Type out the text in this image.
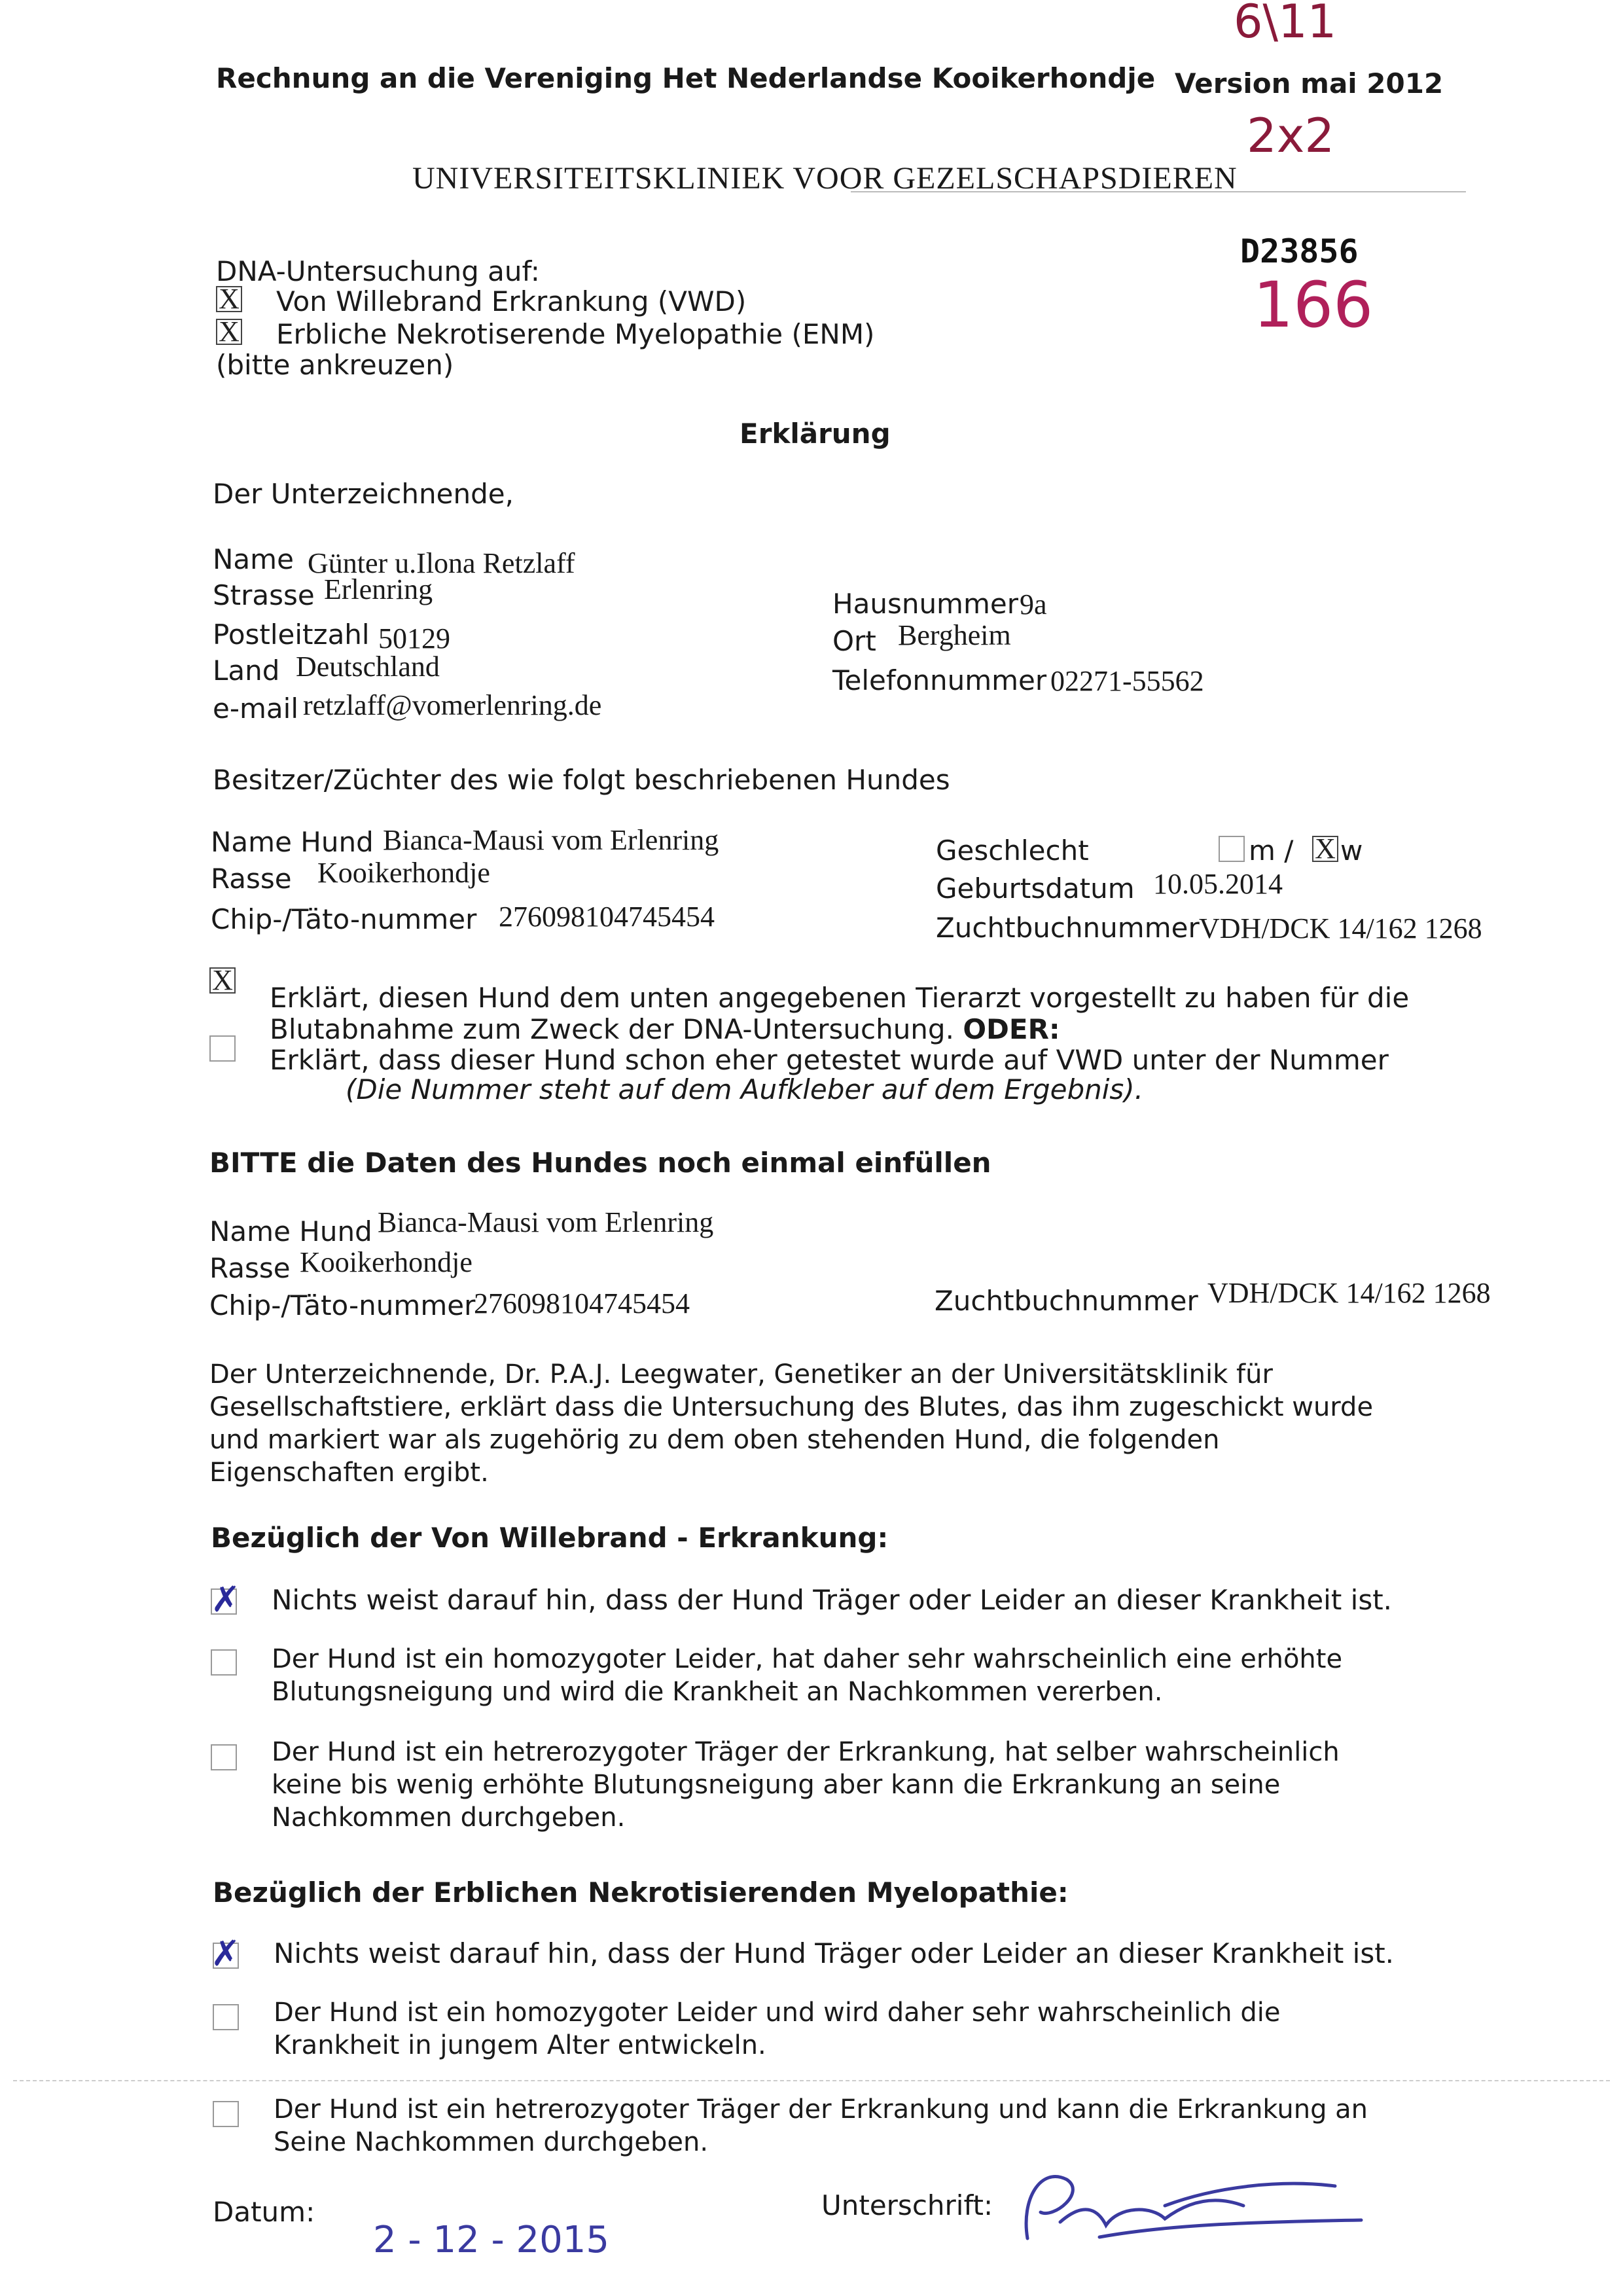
Rechnung an die Vereniging Het Nederlandse Kooikerhondje Version mai 2012
6\11
2x2
UNIVERSITEITSKLINIEK VOOR GEZELSCHAPSDIEREN
D23856
166
DNA-Untersuchung auf:
X Von Willebrand Erkrankung (VWD)
X Erbliche Nekrotiserende Myelopathie (ENM)
(bitte ankreuzen)
Erklärung
Der Unterzeichnende,
Name Günter u.Ilona Retzlaff
Strasse Erlenring
Postleitzahl 50129
Land Deutschland
e-mail retzlaff@vomerlenring.de
Hausnummer 9a
Ort Bergheim
Telefonnummer 02271-55562
Besitzer/Züchter des wie folgt beschriebenen Hundes
Name Hund Bianca-Mausi vom Erlenring
Rasse Kooikerhondje
Chip-/Täto-nummer 276098104745454
Geschlecht	m / X w
Geburtsdatum 10.05.2014
Zuchtbuchnummer VDH/DCK 14/162 1268
X
Erklärt, diesen Hund dem unten angegebenen Tierarzt vorgestellt zu haben für die
Blutabnahme zum Zweck der DNA-Untersuchung. ODER:
Erklärt, dass dieser Hund schon eher getestet wurde auf VWD unter der Nummer
(Die Nummer steht auf dem Aufkleber auf dem Ergebnis).
BITTE die Daten des Hundes noch einmal einfüllen
Name Hund Bianca-Mausi vom Erlenring
Rasse Kooikerhondje
Chip-/Täto-nummer
276098104745454	Zuchtbuchnummer VDH/DCK 14/162 1268
Der Unterzeichnende, Dr. P.A.J. Leegwater, Genetiker an der Universitätsklinik für
Gesellschaftstiere, erklärt dass die Untersuchung des Blutes, das ihm zugeschickt wurde
und markiert war als zugehörig zu dem oben stehenden Hund, die folgenden
Eigenschaften ergibt.
Bezüglich der Von Willebrand - Erkrankung:
✗ Nichts weist darauf hin, dass der Hund Träger oder Leider an dieser Krankheit ist.
Der Hund ist ein homozygoter Leider, hat daher sehr wahrscheinlich eine erhöhte
Blutungsneigung und wird die Krankheit an Nachkommen vererben.
Der Hund ist ein hetrerozygoter Träger der Erkrankung, hat selber wahrscheinlich
keine bis wenig erhöhte Blutungsneigung aber kann die Erkrankung an seine
Nachkommen durchgeben.
Bezüglich der Erblichen Nekrotisierenden Myelopathie:
✗ Nichts weist darauf hin, dass der Hund Träger oder Leider an dieser Krankheit ist.
Der Hund ist ein homozygoter Leider und wird daher sehr wahrscheinlich die
Krankheit in jungem Alter entwickeln.
Der Hund ist ein hetrerozygoter Träger der Erkrankung und kann die Erkrankung an
Seine Nachkommen durchgeben.
Datum:
2 - 12 - 2015
Unterschrift:
